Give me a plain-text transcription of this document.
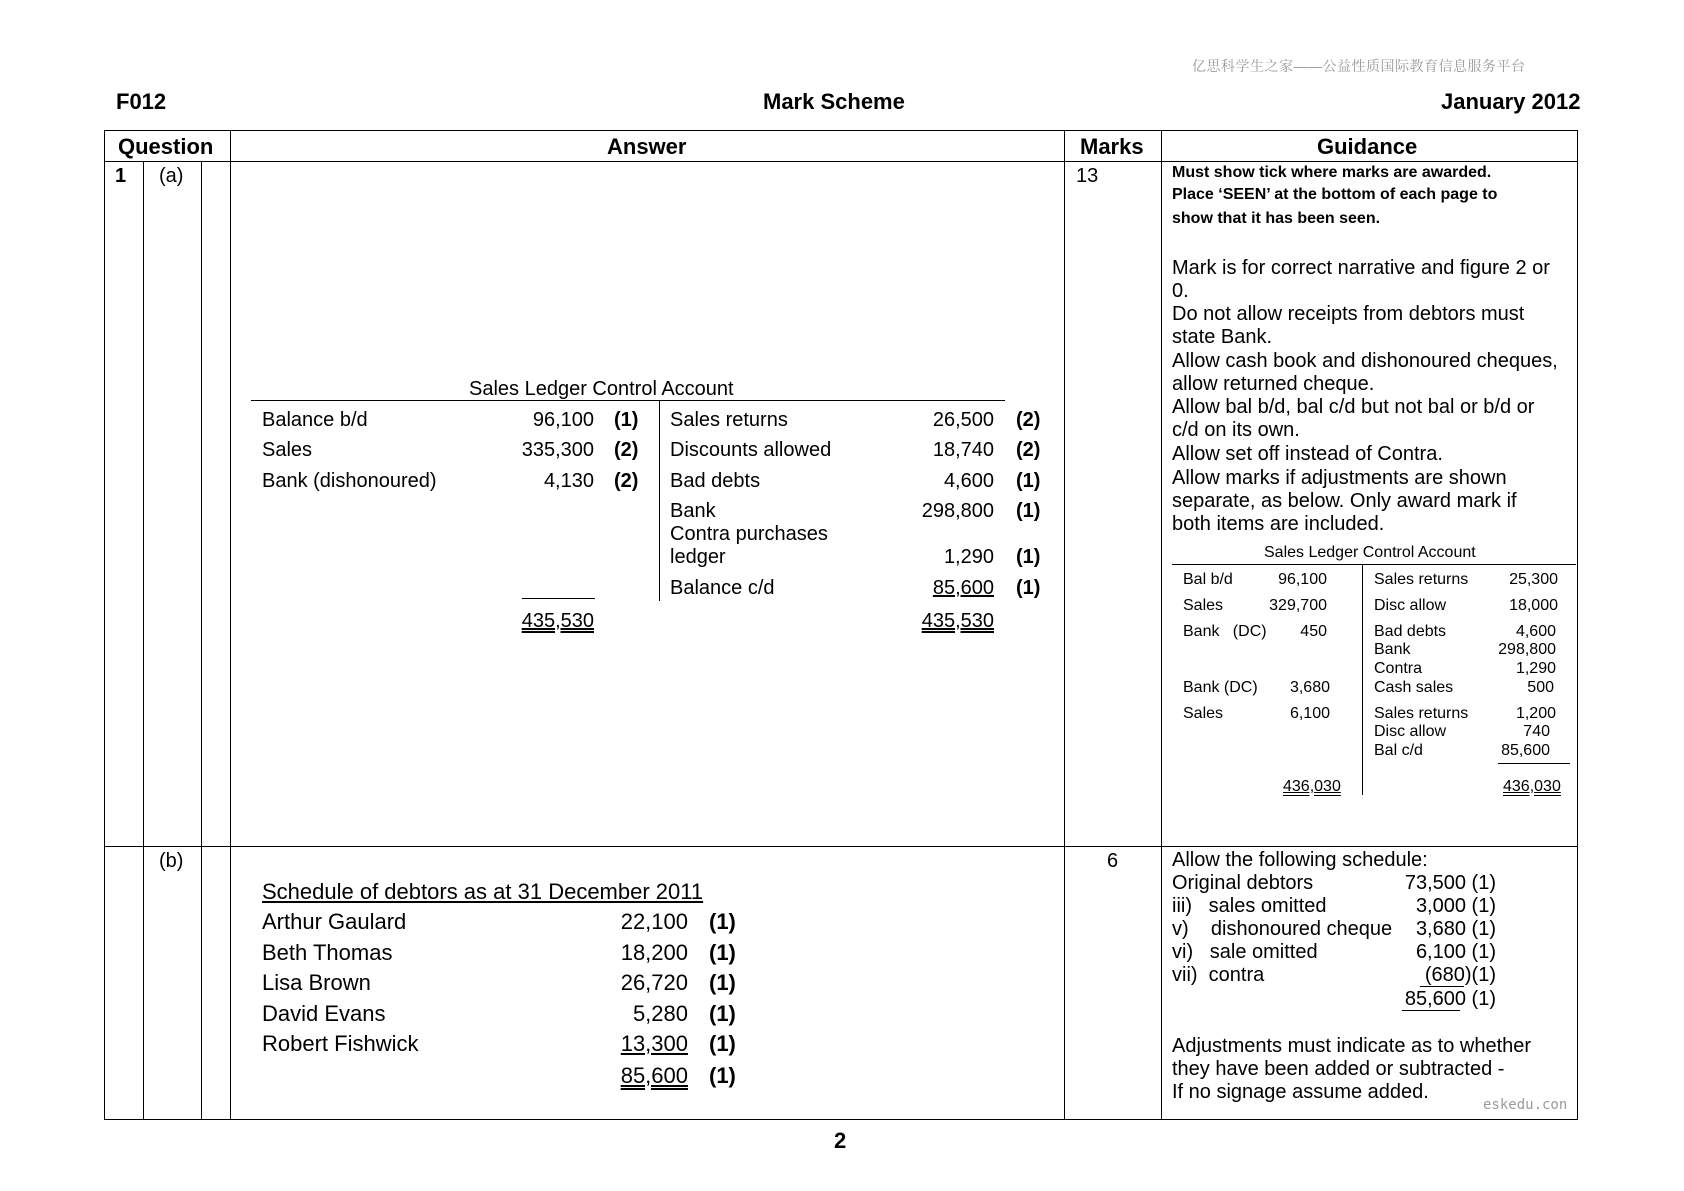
亿思科学生之家——公益性质国际教育信息服务平台
F012	Mark Scheme	January 2012
Question	Answer	Marks	Guidance
1 (a)	13	Must show tick where marks are awarded.
Place ‘SEEN’ at the bottom of each page to
show that it has been seen.
Mark is for correct narrative and figure 2 or
0.
Do not allow receipts from debtors must
state Bank.
Allow cash book and dishonoured cheques,
allow returned cheque.
Allow bal b/d, bal c/d but not bal or b/d or
c/d on its own.
Allow set off instead of Contra.
Allow marks if adjustments are shown
separate, as below. Only award mark if
both items are included.
Sales Ledger Control Account
Balance b/d	96,100 (1)
Sales	335,300 (2)
Bank (dishonoured)	4,130 (2)
Sales returns	26,500 (2)
Discounts allowed	18,740 (2)
Bad debts	4,600 (1)
Bank	298,800 (1)
Contra purchases
ledger	1,290 (1)
Balance c/d	85,600 (1)
435,530	435,530
Sales Ledger Control Account
Bal b/d	96,100
Sales	329,700
Bank   (DC)	450
Bank (DC)	3,680
Sales	6,100
Sales returns	25,300
Disc allow	18,000
Bad debts	4,600
Bank	298,800
Contra	1,290
Cash sales	500
Sales returns	1,200
Disc allow	740
Bal c/d	85,600
436,030	436,030
(b)	6
Schedule of debtors as at 31 December 2011
Arthur Gaulard	22,100 (1)
Beth Thomas	18,200 (1)
Lisa Brown	26,720 (1)
David Evans	5,280 (1)
Robert Fishwick	13,300 (1)
85,600 (1)
Allow the following schedule:
Original debtors	73,500 (1)
iii)   sales omitted	3,000 (1)
v)    dishonoured cheque	3,680 (1)
vi)   sale omitted	6,100 (1)
vii)  contra	(680)(1)
85,600 (1)
Adjustments must indicate as to whether
they have been added or subtracted -
If no signage assume added.
eskedu.con
2
